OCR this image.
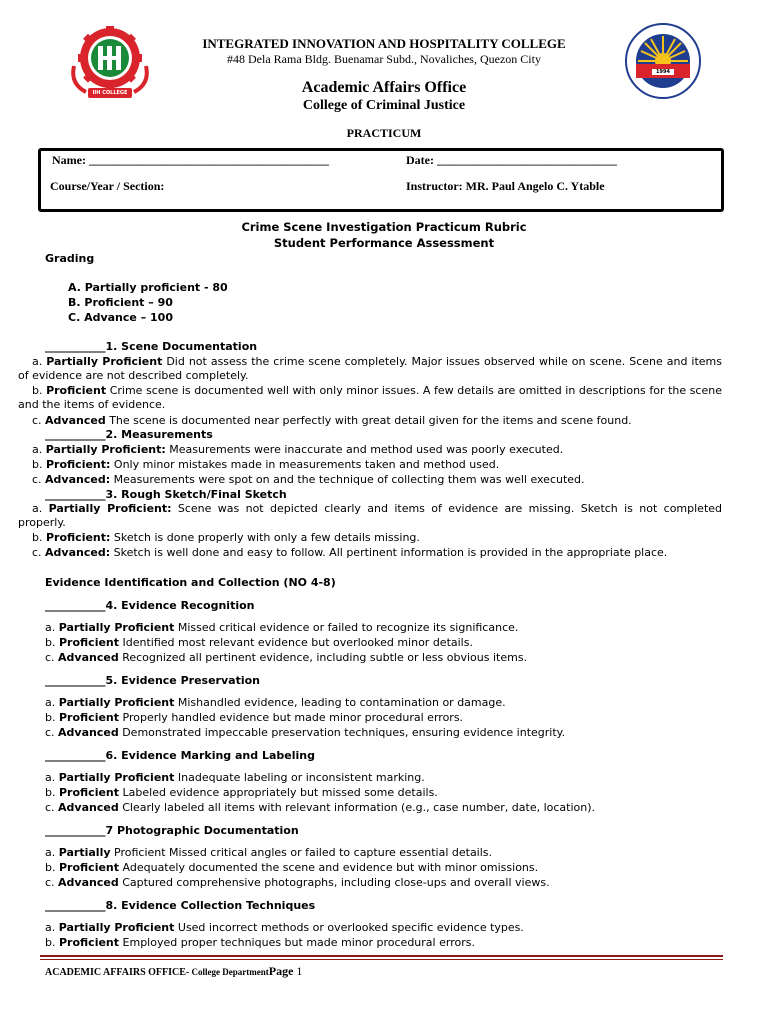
IIH COLLEGE
1994
INTEGRATED INNOVATION AND HOSPITALITY COLLEGE
#48 Dela Rama Bldg. Buenamar Subd., Novaliches, Quezon City
Academic Affairs Office
College of Criminal Justice
PRACTICUM
Name: ________________________________________	Date: ______________________________
Course/Year / Section:	Instructor: MR. Paul Angelo C. Ytable
Crime Scene Investigation Practicum Rubric
Student Performance Assessment
Grading
A. Partially proficient - 80
B. Proficient – 90
C. Advance – 100
___________1. Scene Documentation
a. Partially Proficient Did not assess the crime scene completely. Major issues observed while on scene. Scene and items of evidence are not described completely.
b. Proficient Crime scene is documented well with only minor issues. A few details are omitted in descriptions for the scene and the items of evidence.
c. Advanced The scene is documented near perfectly with great detail given for the items and scene found.
___________2. Measurements
a. Partially Proficient: Measurements were inaccurate and method used was poorly executed.
b. Proficient: Only minor mistakes made in measurements taken and method used.
c. Advanced: Measurements were spot on and the technique of collecting them was well executed.
___________3. Rough Sketch/Final Sketch
a. Partially Proficient: Scene was not depicted clearly and items of evidence are missing. Sketch is not completed properly.
b. Proficient: Sketch is done properly with only a few details missing.
c. Advanced: Sketch is well done and easy to follow. All pertinent information is provided in the appropriate place.
Evidence Identification and Collection (NO 4-8)
___________4. Evidence Recognition
a. Partially Proficient Missed critical evidence or failed to recognize its significance.
b. Proficient Identified most relevant evidence but overlooked minor details.
c. Advanced Recognized all pertinent evidence, including subtle or less obvious items.
___________5. Evidence Preservation
a. Partially Proficient Mishandled evidence, leading to contamination or damage.
b. Proficient Properly handled evidence but made minor procedural errors.
c. Advanced Demonstrated impeccable preservation techniques, ensuring evidence integrity.
___________6. Evidence Marking and Labeling
a. Partially Proficient Inadequate labeling or inconsistent marking.
b. Proficient Labeled evidence appropriately but missed some details.
c. Advanced Clearly labeled all items with relevant information (e.g., case number, date, location).
___________7 Photographic Documentation
a. Partially Proficient Missed critical angles or failed to capture essential details.
b. Proficient Adequately documented the scene and evidence but with minor omissions.
c. Advanced Captured comprehensive photographs, including close-ups and overall views.
___________8. Evidence Collection Techniques
a. Partially Proficient Used incorrect methods or overlooked specific evidence types.
b. Proficient Employed proper techniques but made minor procedural errors.
ACADEMIC AFFAIRS OFFICE- College DepartmentPage 1
